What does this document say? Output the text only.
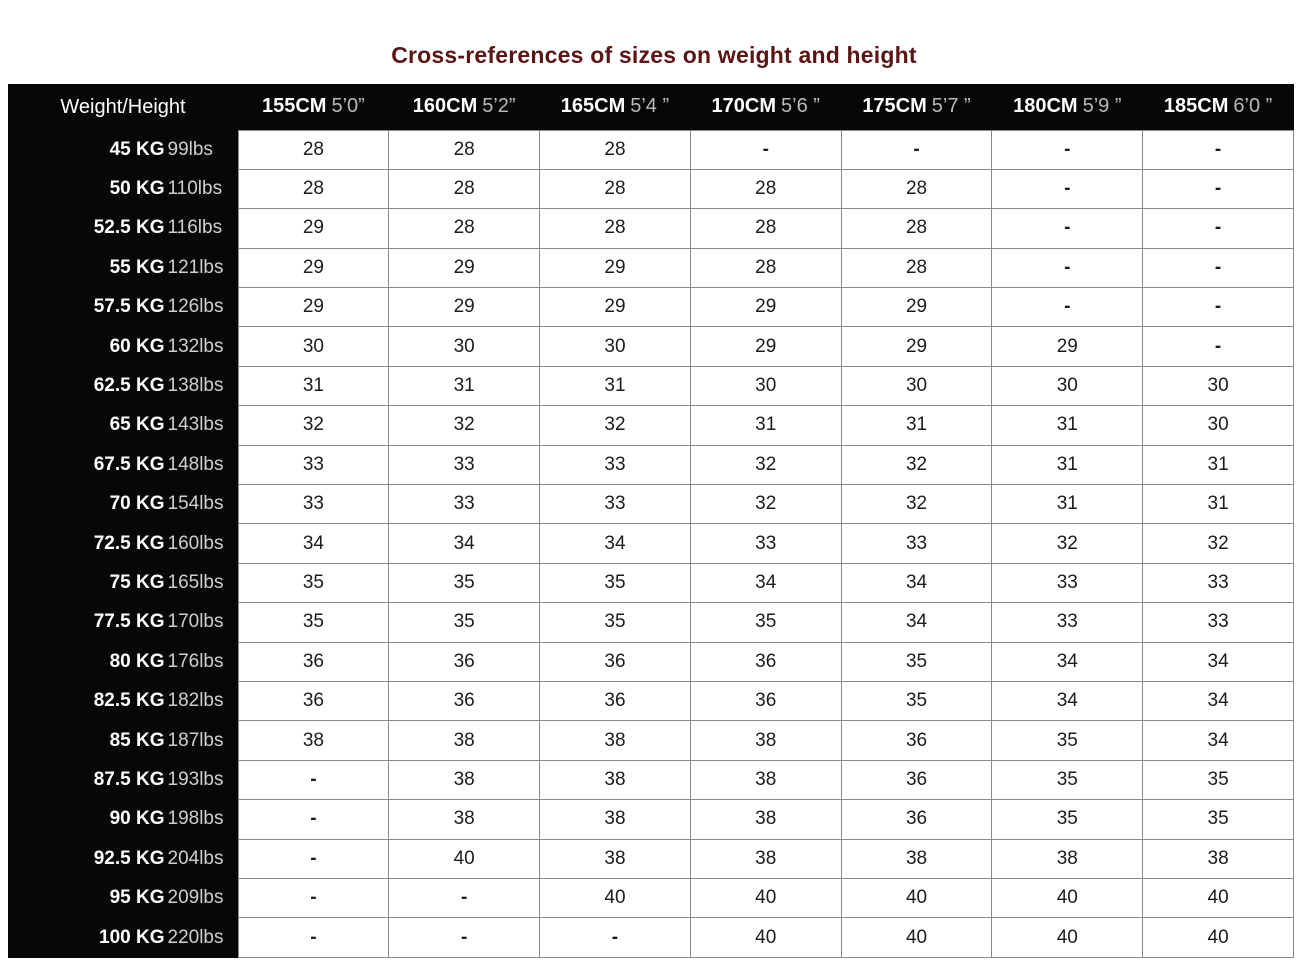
Cross-references of sizes on weight and height
Weight/Height	155CM 5’0”	160CM 5’2”	165CM 5’4 ”	170CM 5’6 ”	175CM 5’7 ”	180CM 5’9 ”	185CM 6’0 ”

45 KG 99lbs	28	28	28	-	-	-	-

50 KG 110lbs	28	28	28	28	28	-	-

52.5 KG 116lbs	29	28	28	28	28	-	-

55 KG 121lbs	29	29	29	28	28	-	-

57.5 KG 126lbs	29	29	29	29	29	-	-

60 KG 132lbs	30	30	30	29	29	29	-

62.5 KG 138lbs	31	31	31	30	30	30	30

65 KG 143lbs	32	32	32	31	31	31	30

67.5 KG 148lbs	33	33	33	32	32	31	31

70 KG 154lbs	33	33	33	32	32	31	31

72.5 KG 160lbs	34	34	34	33	33	32	32

75 KG 165lbs	35	35	35	34	34	33	33

77.5 KG 170lbs	35	35	35	35	34	33	33

80 KG 176lbs	36	36	36	36	35	34	34

82.5 KG 182lbs	36	36	36	36	35	34	34

85 KG 187lbs	38	38	38	38	36	35	34

87.5 KG 193lbs	-	38	38	38	36	35	35

90 KG 198lbs	-	38	38	38	36	35	35

92.5 KG 204lbs	-	40	38	38	38	38	38

95 KG 209lbs	-	-	40	40	40	40	40

100 KG 220lbs	-	-	-	40	40	40	40
